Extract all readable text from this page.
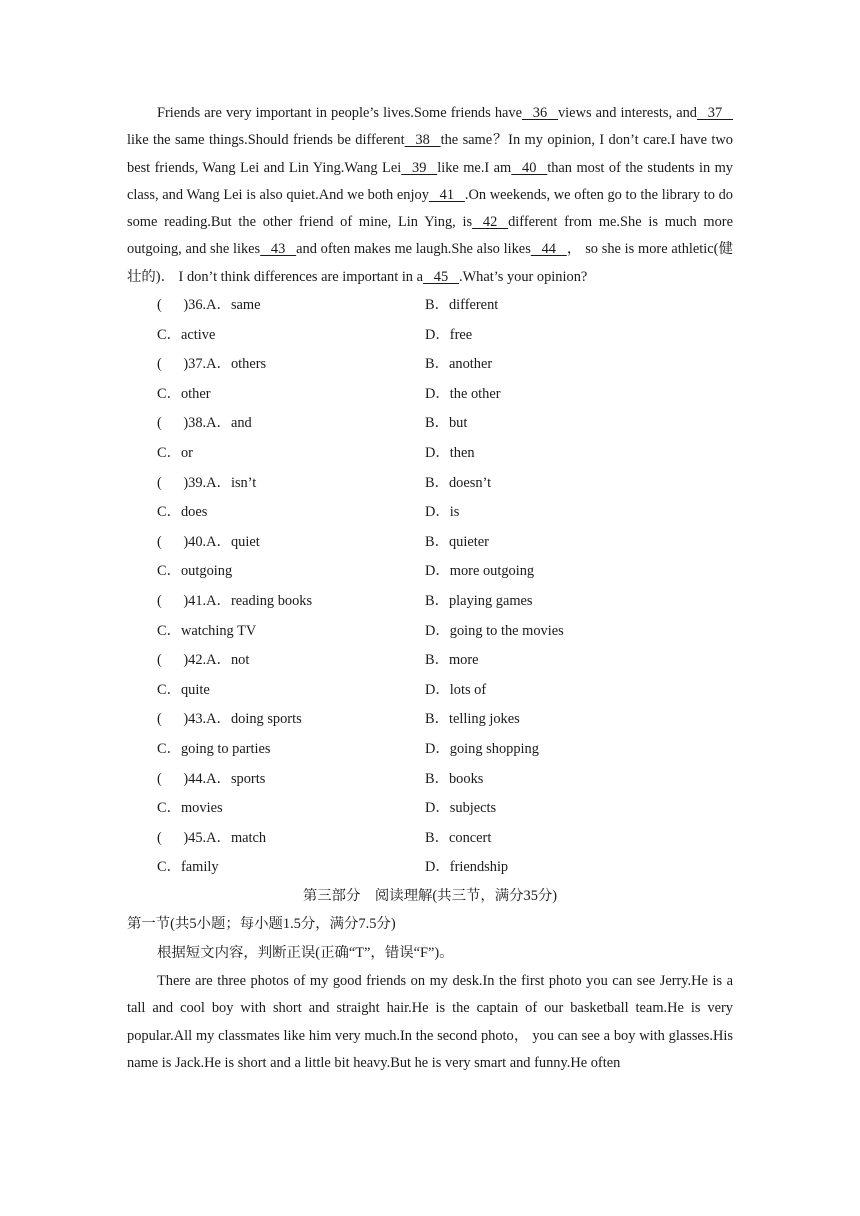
Friends are very important in people’s lives.Some friends have   36   views and interests, and   37   like the same things.Should friends be different   38   the same？In my opinion, I don’t care.I have two best friends, Wang Lei and Lin Ying.Wang Lei   39   like me.I am   40   than most of the students in my class, and Wang Lei is also quiet.And we both enjoy   41   .On weekends, we often go to the library to do some reading.But the other friend of mine, Lin Ying, is   42   different from me.She is much more outgoing, and she likes   43   and often makes me laugh.She also likes   44   ， so she is more athletic(健壮的)． I don’t think differences are important in a   45   .What’s your opinion?

(      )36.A．same	B．different
C．active	D．free
(      )37.A．others	B．another
C．other	D．the other
(      )38.A．and	B．but
C．or	D．then
(      )39.A．isn’t	B．doesn’t
C．does	D．is
(      )40.A．quiet	B．quieter
C．outgoing	D．more outgoing
(      )41.A．reading books	B．playing games
C．watching TV	D．going to the movies
(      )42.A．not	B．more
C．quite	D．lots of
(      )43.A．doing sports	B．telling jokes
C．going to parties	D．going shopping
(      )44.A．sports	B．books
C．movies	D．subjects
(      )45.A．match	B．concert
C．family	D．friendship
第三部分　阅读理解(共三节，满分35分)
第一节(共5小题；每小题1.5分，满分7.5分)
根据短文内容，判断正误(正确“T”，错误“F”)。

There are three photos of my good friends on my desk.In the first photo you can see Jerry.He is a tall and cool boy with short and straight hair.He is the captain of our basketball team.He is very popular.All my classmates like him very much.In the second photo， you can see a boy with glasses.His name is Jack.He is short and a little bit heavy.But he is very smart and funny.He often
